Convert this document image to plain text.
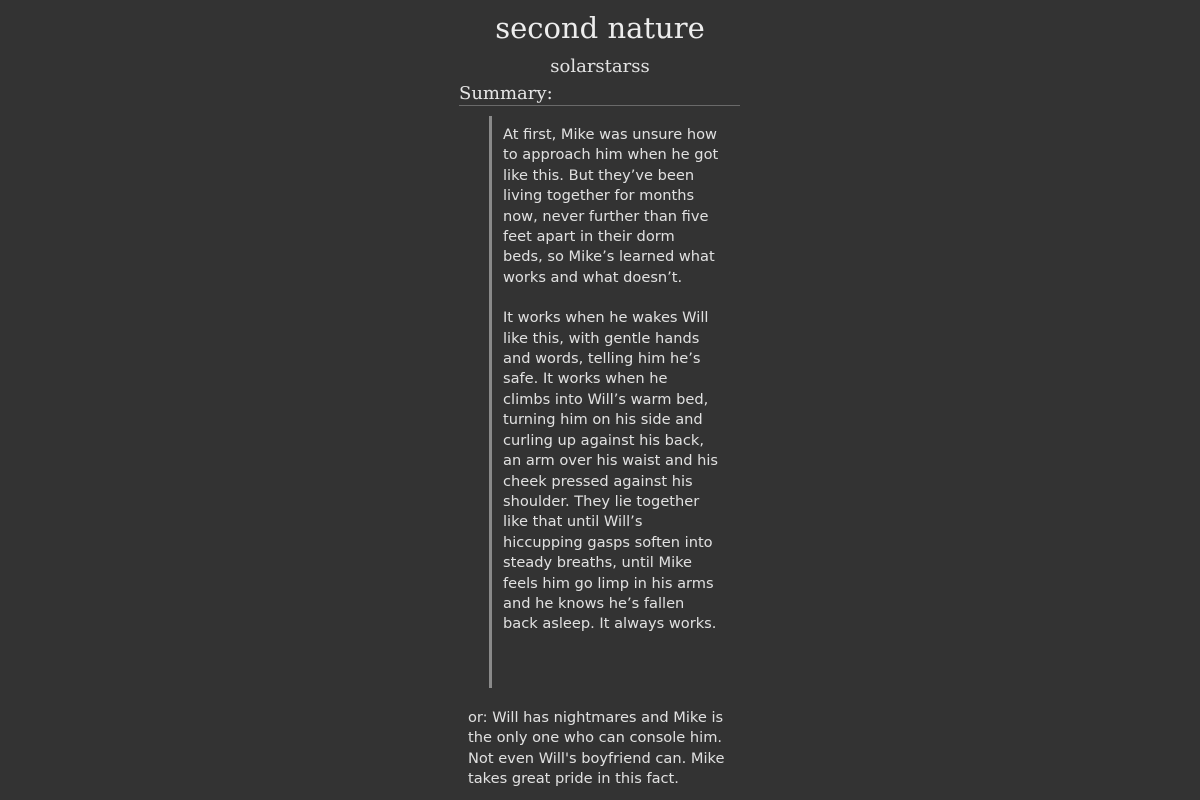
second nature
solarstarss
Summary:

At first, Mike was unsure how to approach him when he got like this. But they’ve been living together for months now, never further than five feet apart in their dorm beds, so Mike’s learned what works and what doesn’t.

It works when he wakes Will like this, with gentle hands and words, telling him he’s safe. It works when he climbs into Will’s warm bed, turning him on his side and curling up against his back, an arm over his waist and his cheek pressed against his shoulder. They lie together like that until Will’s hiccupping gasps soften into steady breaths, until Mike feels him go limp in his arms and he knows he’s fallen back asleep. It always works.

or: Will has nightmares and Mike is the only one who can console him. Not even Will's boyfriend can. Mike takes great pride in this fact.
